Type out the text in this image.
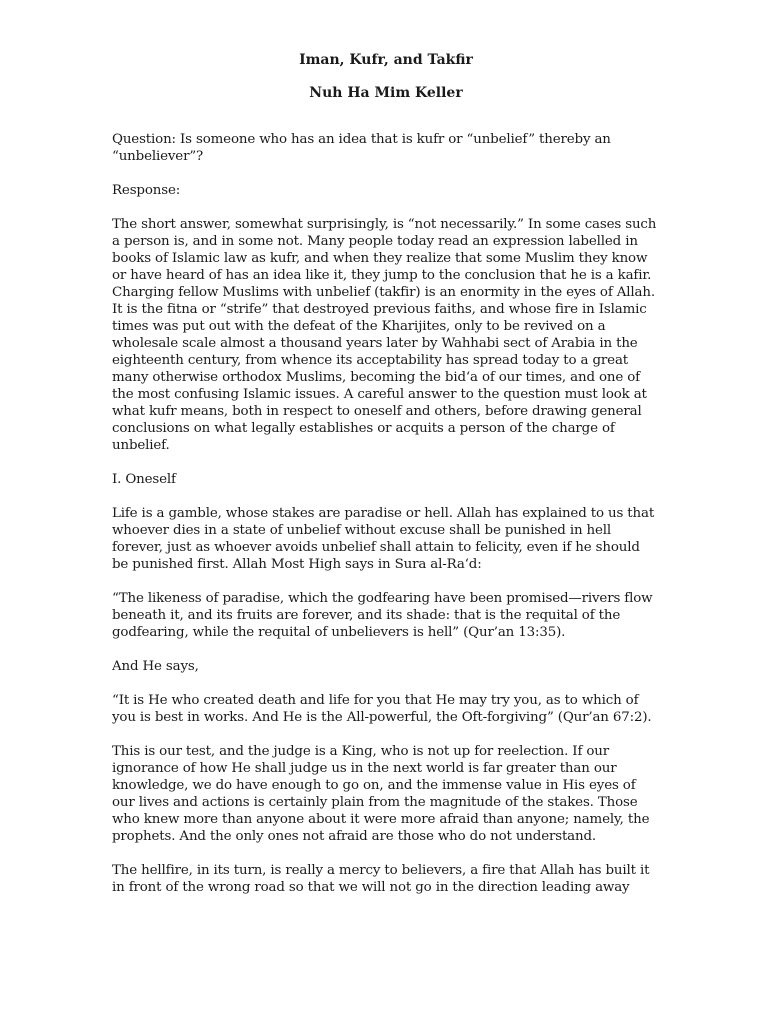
Iman, Kufr, and Takfir
Nuh Ha Mim Keller

Question: Is someone who has an idea that is kufr or “unbelief” thereby an “unbeliever”?

Response:

The short answer, somewhat surprisingly, is “not necessarily.” In some cases such a person is, and in some not. Many people today read an expression labelled in books of Islamic law as kufr, and when they realize that some Muslim they know or have heard of has an idea like it, they jump to the conclusion that he is a kafir. Charging fellow Muslims with unbelief (takfir) is an enormity in the eyes of Allah. It is the fitna or “strife” that destroyed previous faiths, and whose fire in Islamic times was put out with the defeat of the Kharijites, only to be revived on a wholesale scale almost a thousand years later by Wahhabi sect of Arabia in the eighteenth century, from whence its acceptability has spread today to a great many otherwise orthodox Muslims, becoming the bid‘a of our times, and one of the most confusing Islamic issues. A careful answer to the question must look at what kufr means, both in respect to oneself and others, before drawing general conclusions on what legally establishes or acquits a person of the charge of unbelief.

I. Oneself

Life is a gamble, whose stakes are paradise or hell. Allah has explained to us that whoever dies in a state of unbelief without excuse shall be punished in hell forever, just as whoever avoids unbelief shall attain to felicity, even if he should be punished first. Allah Most High says in Sura al-Ra‘d:

“The likeness of paradise, which the godfearing have been promised—rivers flow beneath it, and its fruits are forever, and its shade: that is the requital of the godfearing, while the requital of unbelievers is hell” (Qur’an 13:35).

And He says,

“It is He who created death and life for you that He may try you, as to which of you is best in works. And He is the All-powerful, the Oft-forgiving” (Qur’an 67:2).

This is our test, and the judge is a King, who is not up for reelection. If our ignorance of how He shall judge us in the next world is far greater than our knowledge, we do have enough to go on, and the immense value in His eyes of our lives and actions is certainly plain from the magnitude of the stakes. Those who knew more than anyone about it were more afraid than anyone; namely, the prophets. And the only ones not afraid are those who do not understand.

The hellfire, in its turn, is really a mercy to believers, a fire that Allah has built it in front of the wrong road so that we will not go in the direction leading away
